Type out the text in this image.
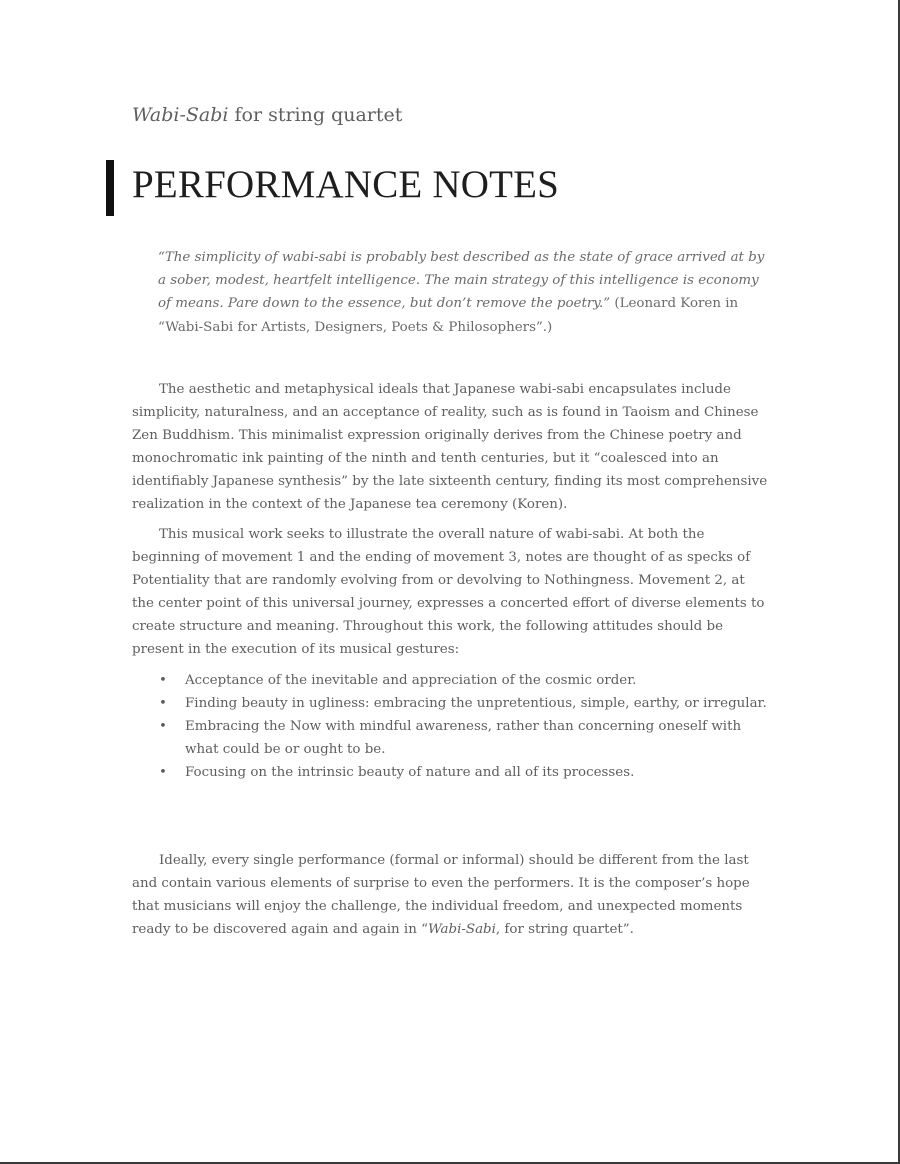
Wabi-Sabi for string quartet
PERFORMANCE NOTES
“The simplicity of wabi-sabi is probably best described as the state of grace arrived at by a sober, modest, heartfelt intelligence. The main strategy of this intelligence is economy of means. Pare down to the essence, but don’t remove the poetry.” (Leonard Koren in “Wabi-Sabi for Artists, Designers, Poets & Philosophers”.)

The aesthetic and metaphysical ideals that Japanese wabi-sabi encapsulates include simplicity, naturalness, and an acceptance of reality, such as is found in Taoism and Chinese Zen Buddhism. This minimalist expression originally derives from the Chinese poetry and monochromatic ink painting of the ninth and tenth centuries, but it “coalesced into an identifiably Japanese synthesis” by the late sixteenth century, finding its most comprehensive realization in the context of the Japanese tea ceremony (Koren).

This musical work seeks to illustrate the overall nature of wabi-sabi. At both the beginning of movement 1 and the ending of movement 3, notes are thought of as specks of Potentiality that are randomly evolving from or devolving to Nothingness. Movement 2, at the center point of this universal journey, expresses a concerted effort of diverse elements to create structure and meaning. Throughout this work, the following attitudes should be present in the execution of its musical gestures:

• Acceptance of the inevitable and appreciation of the cosmic order.
• Finding beauty in ugliness: embracing the unpretentious, simple, earthy, or irregular.
• Embracing the Now with mindful awareness, rather than concerning oneself with what could be or ought to be.
• Focusing on the intrinsic beauty of nature and all of its processes.

Ideally, every single performance (formal or informal) should be different from the last and contain various elements of surprise to even the performers. It is the composer’s hope that musicians will enjoy the challenge, the individual freedom, and unexpected moments ready to be discovered again and again in “Wabi-Sabi, for string quartet”.
